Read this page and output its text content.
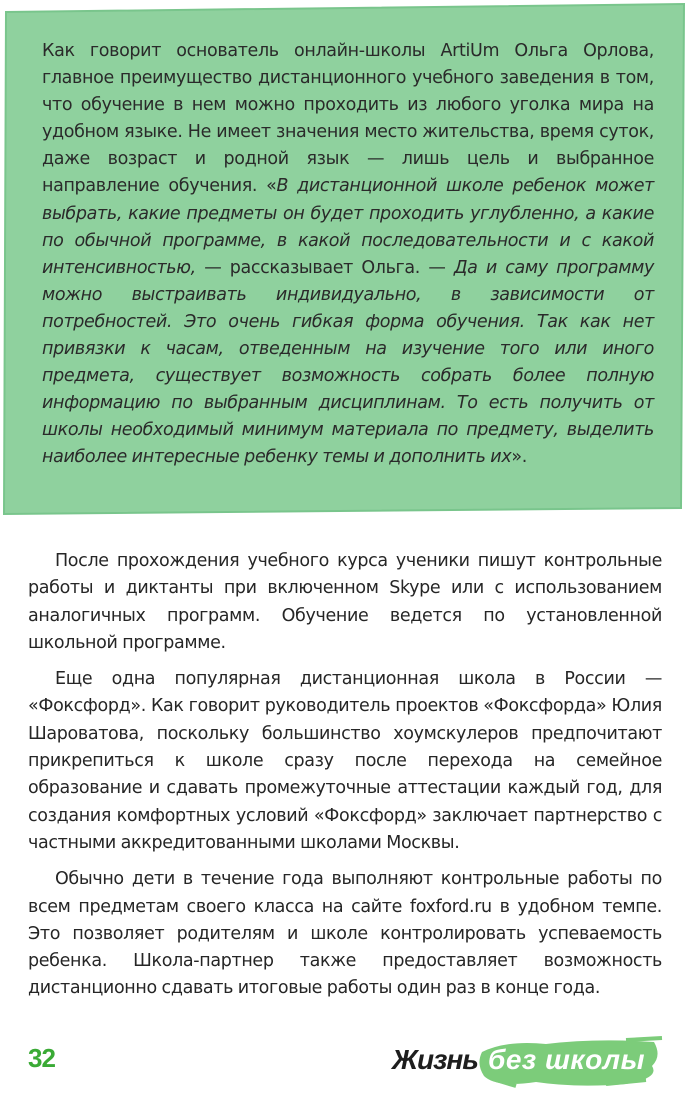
Как говорит основатель онлайн-школы ArtiUm Ольга Орлова, главное преимущество дистанционного учебного заведения в том, что обучение в нем можно проходить из любого уголка мира на удобном языке. Не имеет значения место жительства, время суток, даже возраст и родной язык — лишь цель и выбранное направление обучения. «В дистанционной школе ребенок может выбрать, какие предметы он будет проходить углубленно, а какие по обычной программе, в какой последовательности и с какой интенсивностью, — рассказывает Ольга. — Да и саму программу можно выстраивать индивидуально, в зависимости от потребностей. Это очень гибкая форма обучения. Так как нет привязки к часам, отведенным на изучение того или иного предмета, существует возможность собрать более полную информацию по выбранным дисциплинам. То есть получить от школы необходимый минимум материала по предмету, выделить наиболее интересные ребенку темы и дополнить их».

После прохождения учебного курса ученики пишут контрольные работы и диктанты при включенном Skype или с использованием аналогичных программ. Обучение ведется по установленной школьной программе.

Еще одна популярная дистанционная школа в России — «Фоксфорд». Как говорит руководитель проектов «Фоксфорда» Юлия Шароватова, поскольку большинство хоумскулеров предпочитают прикрепиться к школе сразу после перехода на семейное образование и сдавать промежуточные аттестации каждый год, для создания комфортных условий «Фоксфорд» заключает партнерство с частными аккредитованными школами Москвы.

Обычно дети в течение года выполняют контрольные работы по всем предметам своего класса на сайте foxford.ru в удобном темпе. Это позволяет родителям и школе контролировать успеваемость ребенка. Школа-партнер также предоставляет возможность дистанционно сдавать итоговые работы один раз в конце года.

32	Жизнь без школы
